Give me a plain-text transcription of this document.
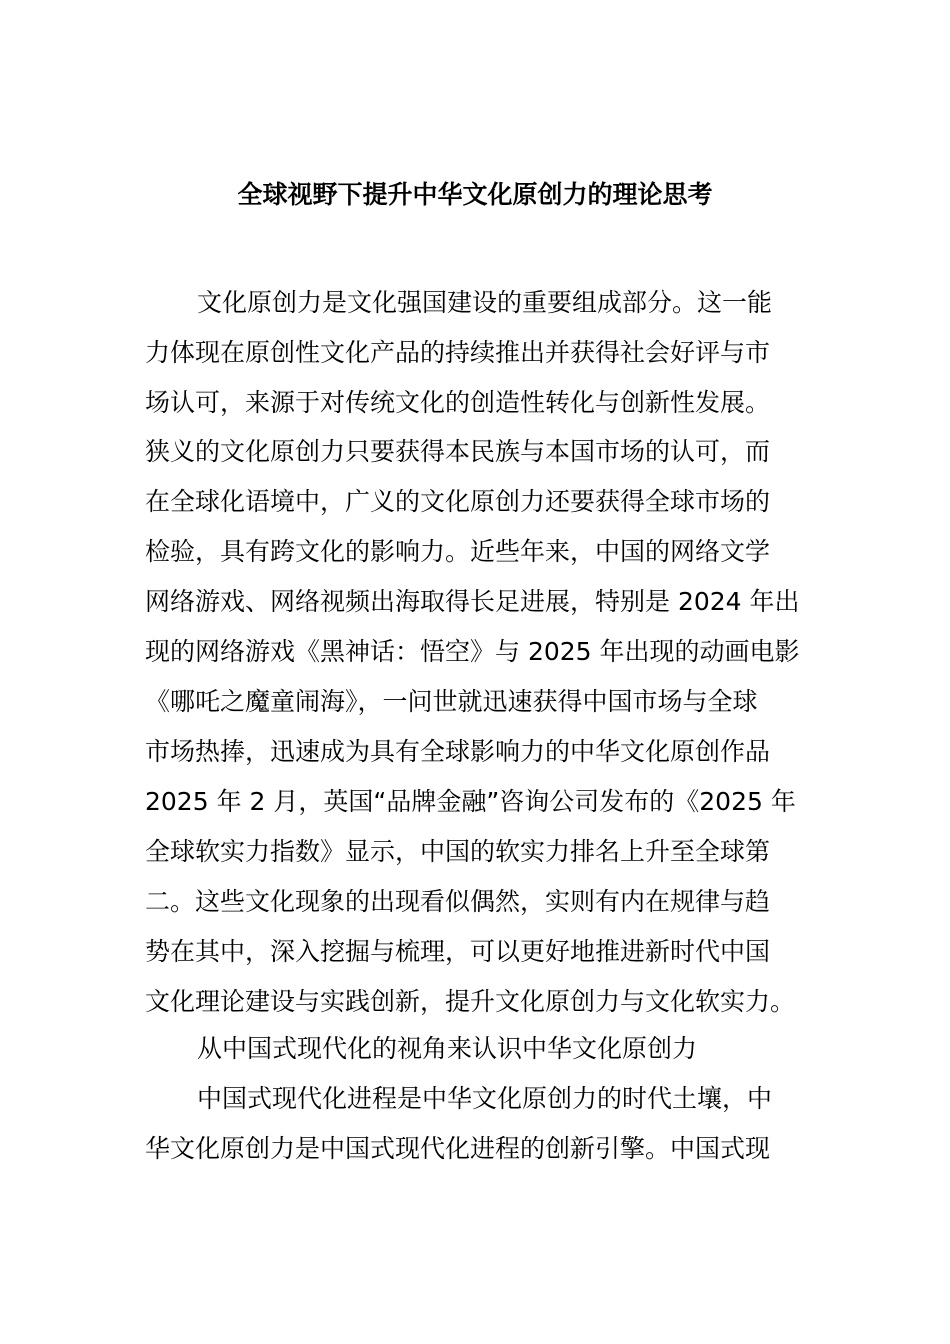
全球视野下提升中华文化原创力的理论思考

文化原创力是文化强国建设的重要组成部分。这一能

力体现在原创性文化产品的持续推出并获得社会好评与市

场认可，来源于对传统文化的创造性转化与创新性发展。

狭义的文化原创力只要获得本民族与本国市场的认可，而

在全球化语境中，广义的文化原创力还要获得全球市场的

检验，具有跨文化的影响力。近些年来，中国的网络文学

网络游戏、网络视频出海取得长足进展，特别是 2024 年出

现的网络游戏《黑神话：悟空》与 2025 年出现的动画电影

《哪吒之魔童闹海》，一问世就迅速获得中国市场与全球

市场热捧，迅速成为具有全球影响力的中华文化原创作品

2025 年 2 月，英国“品牌金融”咨询公司发布的《2025 年

全球软实力指数》显示，中国的软实力排名上升至全球第

二。这些文化现象的出现看似偶然，实则有内在规律与趋

势在其中，深入挖掘与梳理，可以更好地推进新时代中国

文化理论建设与实践创新，提升文化原创力与文化软实力。

从中国式现代化的视角来认识中华文化原创力

中国式现代化进程是中华文化原创力的时代土壤，中

华文化原创力是中国式现代化进程的创新引擎。中国式现
